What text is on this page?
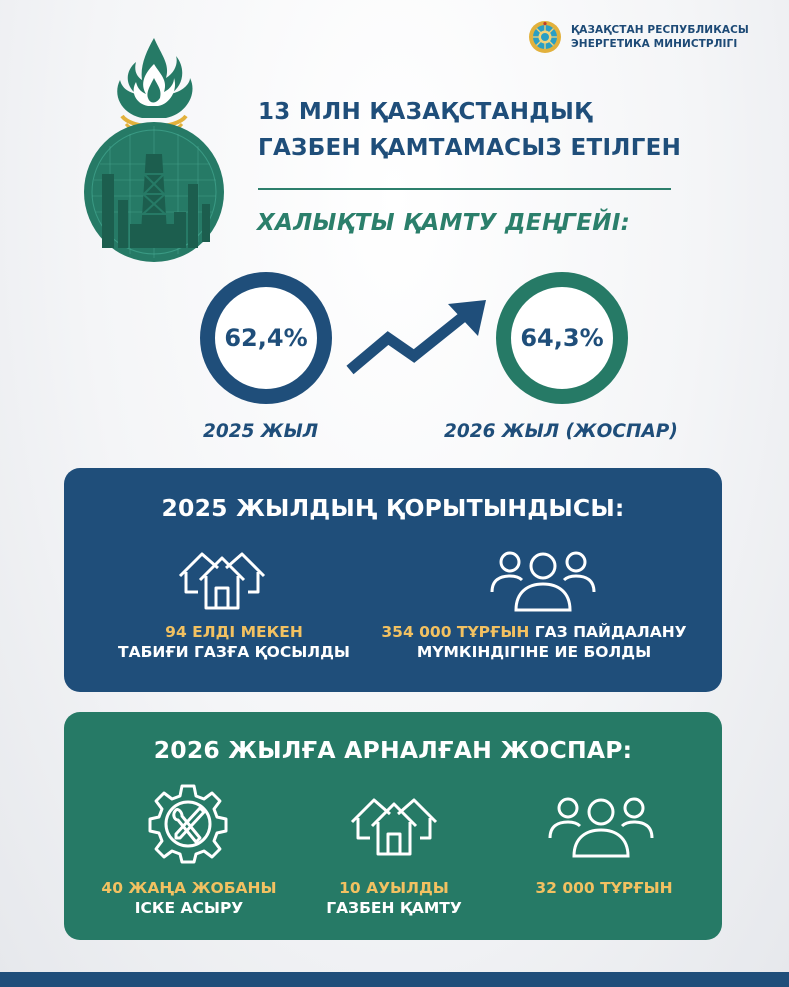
ҚАЗАҚСТАН РЕСПУБЛИКАСЫ
ЭНЕРГЕТИКА МИНИСТРЛІГІ
13 МЛН ҚАЗАҚСТАНДЫҚ
ГАЗБЕН ҚАМТАМАСЫЗ ЕТІЛГЕН
ХАЛЫҚТЫ ҚАМТУ ДЕҢГЕЙІ:
62,4%	64,3%
2025 ЖЫЛ	2026 ЖЫЛ (ЖОСПАР)
2025 ЖЫЛДЫҢ ҚОРЫТЫНДЫСЫ:
94 ЕЛДІ МЕКЕН
ТАБИҒИ ГАЗҒА ҚОСЫЛДЫ
354 000 ТҰРҒЫН ГАЗ ПАЙДАЛАНУ
МҮМКІНДІГІНЕ ИЕ БОЛДЫ
2026 ЖЫЛҒА АРНАЛҒАН ЖОСПАР:
40 ЖАҢА ЖОБАНЫ
ІСКЕ АСЫРУ
10 АУЫЛДЫ
ГАЗБЕН ҚАМТУ
32 000 ТҰРҒЫН
